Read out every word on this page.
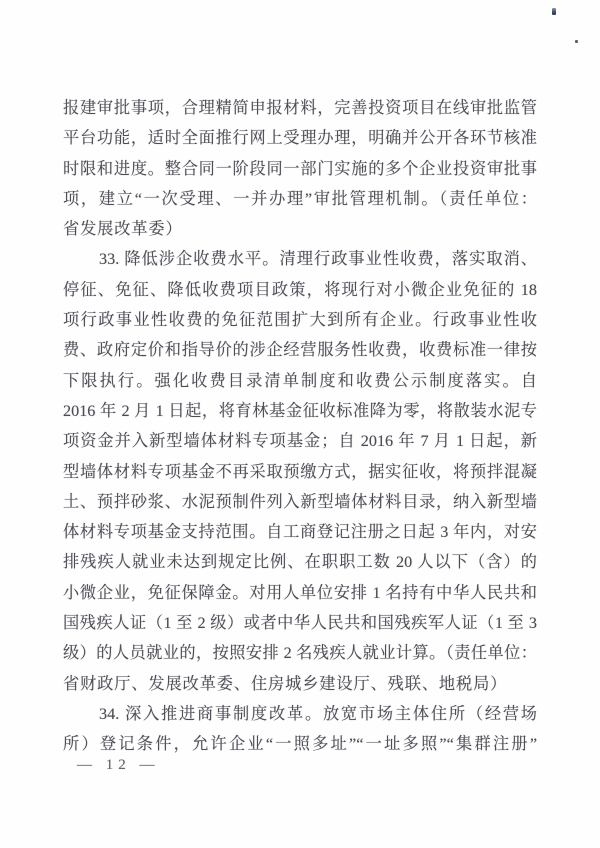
报建审批事项，合理精简申报材料，完善投资项目在线审批监管
平台功能，适时全面推行网上受理办理，明确并公开各环节核准
时限和进度。整合同一阶段同一部门实施的多个企业投资审批事
项，建立“一次受理、一并办理”审批管理机制。（责任单位：
省发展改革委）
33. 降低涉企收费水平。清理行政事业性收费，落实取消、
停征、免征、降低收费项目政策，将现行对小微企业免征的 18
项行政事业性收费的免征范围扩大到所有企业。行政事业性收
费、政府定价和指导价的涉企经营服务性收费，收费标准一律按
下限执行。强化收费目录清单制度和收费公示制度落实。自
2016 年 2 月 1 日起，将育林基金征收标准降为零，将散装水泥专
项资金并入新型墙体材料专项基金；自 2016 年 7 月 1 日起，新
型墙体材料专项基金不再采取预缴方式，据实征收，将预拌混凝
土、预拌砂浆、水泥预制件列入新型墙体材料目录，纳入新型墙
体材料专项基金支持范围。自工商登记注册之日起 3 年内，对安
排残疾人就业未达到规定比例、在职职工数 20 人以下（含）的
小微企业，免征保障金。对用人单位安排 1 名持有中华人民共和
国残疾人证（1 至 2 级）或者中华人民共和国残疾军人证（1 至 3
级）的人员就业的，按照安排 2 名残疾人就业计算。（责任单位：
省财政厅、发展改革委、住房城乡建设厅、残联、地税局）
34. 深入推进商事制度改革。放宽市场主体住所（经营场
所）登记条件，允许企业“一照多址”“一址多照”“集群注册”
— 12 —
